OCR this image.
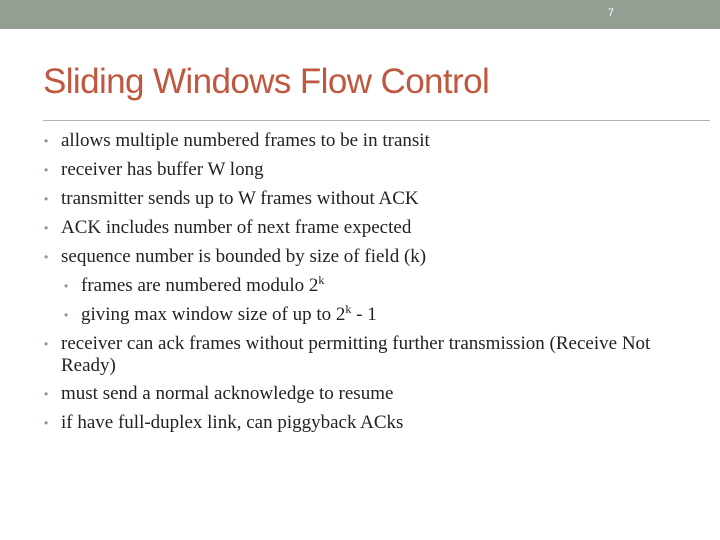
7
Sliding Windows Flow Control
• allows multiple numbered frames to be in transit
• receiver has buffer W long
• transmitter sends up to W frames without ACK
• ACK includes number of next frame expected
• sequence number is bounded by size of field (k)
• frames are numbered modulo 2$^k$
• giving max window size of up to 2$^k$ - 1
• receiver can ack frames without permitting further transmission (Receive Not Ready)
• must send a normal acknowledge to resume
• if have full-duplex link, can piggyback ACks
